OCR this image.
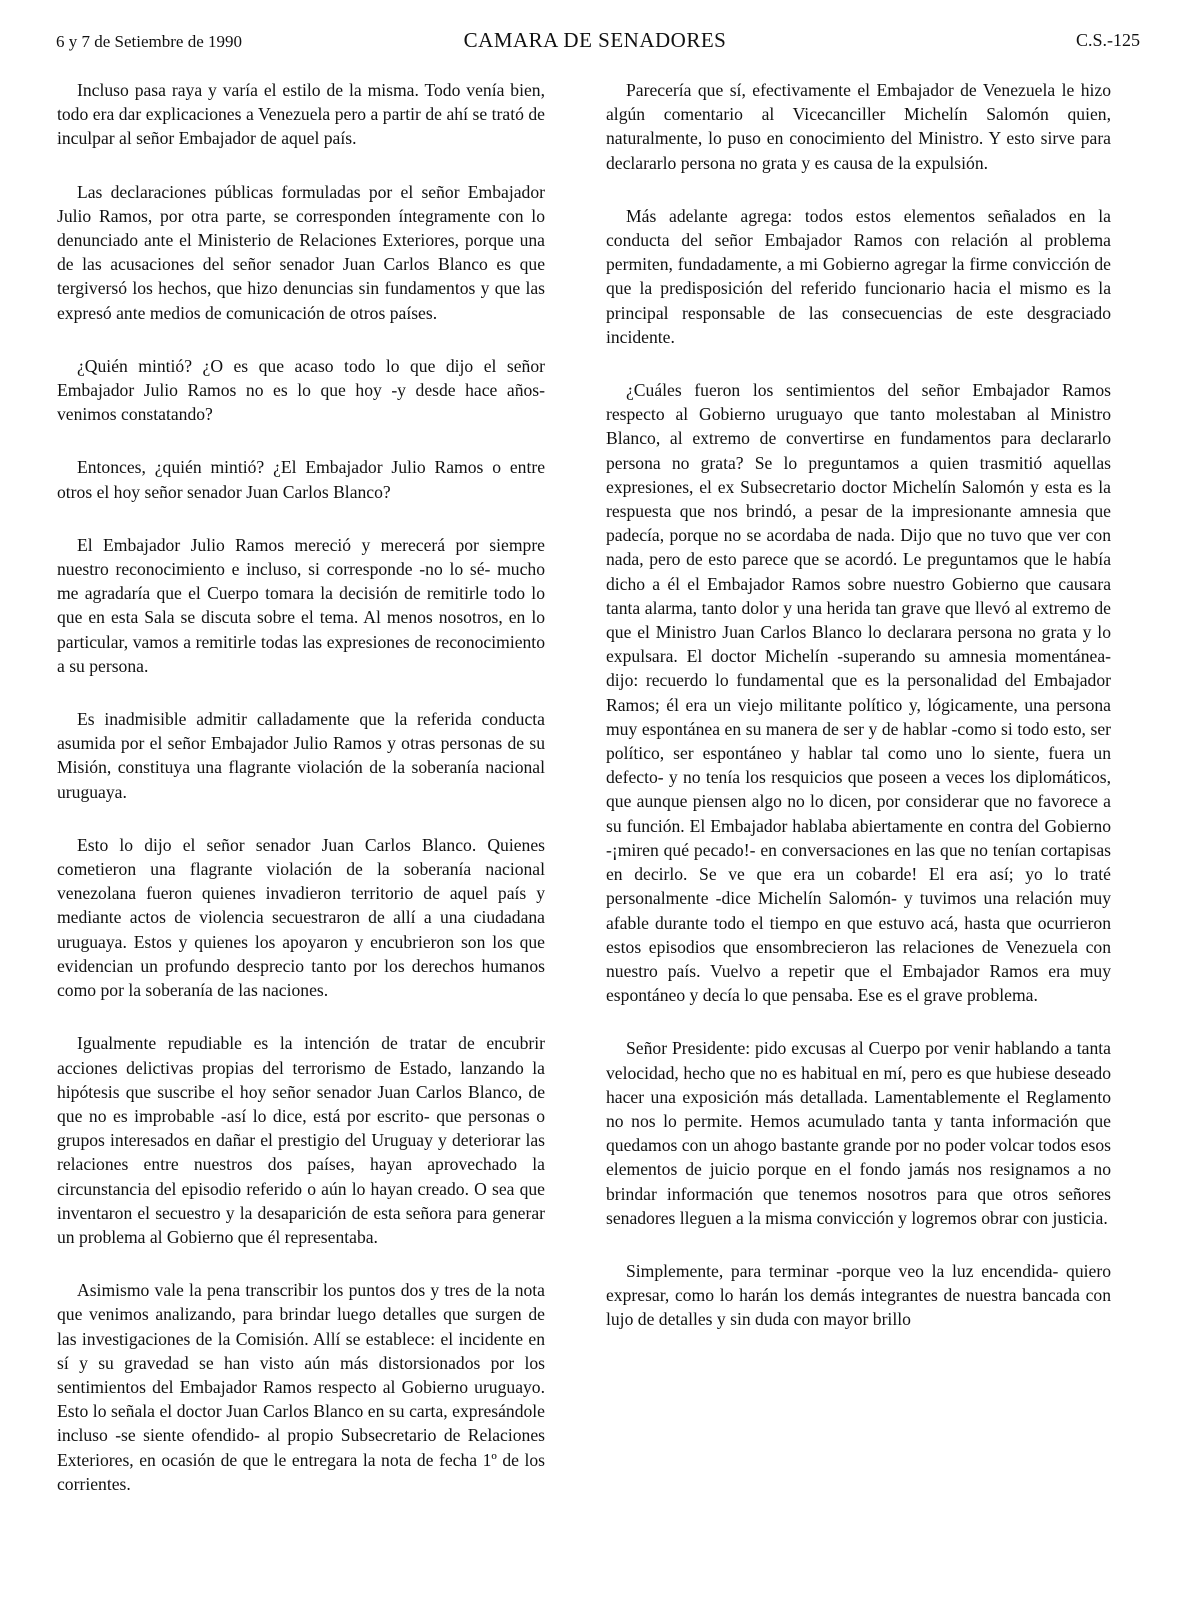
6 y 7 de Setiembre de 1990	CAMARA DE SENADORES	C.S.-125

Incluso pasa raya y varía el estilo de la misma. Todo venía bien, todo era dar explicaciones a Venezuela pero a partir de ahí se trató de inculpar al señor Embajador de aquel país.

Las declaraciones públicas formuladas por el señor Embajador Julio Ramos, por otra parte, se corresponden íntegramente con lo denunciado ante el Ministerio de Relaciones Exteriores, porque una de las acusaciones del señor senador Juan Carlos Blanco es que tergiversó los hechos, que hizo denuncias sin fundamentos y que las expresó ante medios de comunicación de otros países.

¿Quién mintió? ¿O es que acaso todo lo que dijo el señor Embajador Julio Ramos no es lo que hoy -y desde hace años- venimos constatando?

Entonces, ¿quién mintió? ¿El Embajador Julio Ramos o entre otros el hoy señor senador Juan Carlos Blanco?

El Embajador Julio Ramos mereció y merecerá por siempre nuestro reconocimiento e incluso, si corresponde -no lo sé- mucho me agradaría que el Cuerpo tomara la decisión de remitirle todo lo que en esta Sala se discuta sobre el tema. Al menos nosotros, en lo particular, vamos a remitirle todas las expresiones de reconocimiento a su persona.

Es inadmisible admitir calladamente que la referida conducta asumida por el señor Embajador Julio Ramos y otras personas de su Misión, constituya una flagrante violación de la soberanía nacional uruguaya.

Esto lo dijo el señor senador Juan Carlos Blanco. Quienes cometieron una flagrante violación de la soberanía nacional venezolana fueron quienes invadieron territorio de aquel país y mediante actos de violencia secuestraron de allí a una ciudadana uruguaya. Estos y quienes los apoyaron y encubrieron son los que evidencian un profundo desprecio tanto por los derechos humanos como por la soberanía de las naciones.

Igualmente repudiable es la intención de tratar de encubrir acciones delictivas propias del terrorismo de Estado, lanzando la hipótesis que suscribe el hoy señor senador Juan Carlos Blanco, de que no es improbable -así lo dice, está por escrito- que personas o grupos interesados en dañar el prestigio del Uruguay y deteriorar las relaciones entre nuestros dos países, hayan aprovechado la circunstancia del episodio referido o aún lo hayan creado. O sea que inventaron el secuestro y la desaparición de esta señora para generar un problema al Gobierno que él representaba.

Asimismo vale la pena transcribir los puntos dos y tres de la nota que venimos analizando, para brindar luego detalles que surgen de las investigaciones de la Comisión. Allí se establece: el incidente en sí y su gravedad se han visto aún más distorsionados por los sentimientos del Embajador Ramos respecto al Gobierno uruguayo. Esto lo señala el doctor Juan Carlos Blanco en su carta, expresándole incluso -se siente ofendido- al propio Subsecretario de Relaciones Exteriores, en ocasión de que le entregara la nota de fecha 1º de los corrientes.

Parecería que sí, efectivamente el Embajador de Venezuela le hizo algún comentario al Vicecanciller Michelín Salomón quien, naturalmente, lo puso en conocimiento del Ministro. Y esto sirve para declararlo persona no grata y es causa de la expulsión.

Más adelante agrega: todos estos elementos señalados en la conducta del señor Embajador Ramos con relación al problema permiten, fundadamente, a mi Gobierno agregar la firme convicción de que la predisposición del referido funcionario hacia el mismo es la principal responsable de las consecuencias de este desgraciado incidente.

¿Cuáles fueron los sentimientos del señor Embajador Ramos respecto al Gobierno uruguayo que tanto molestaban al Ministro Blanco, al extremo de convertirse en fundamentos para declararlo persona no grata? Se lo preguntamos a quien trasmitió aquellas expresiones, el ex Subsecretario doctor Michelín Salomón y esta es la respuesta que nos brindó, a pesar de la impresionante amnesia que padecía, porque no se acordaba de nada. Dijo que no tuvo que ver con nada, pero de esto parece que se acordó. Le preguntamos que le había dicho a él el Embajador Ramos sobre nuestro Gobierno que causara tanta alarma, tanto dolor y una herida tan grave que llevó al extremo de que el Ministro Juan Carlos Blanco lo declarara persona no grata y lo expulsara. El doctor Michelín -superando su amnesia momentánea- dijo: recuerdo lo fundamental que es la personalidad del Embajador Ramos; él era un viejo militante político y, lógicamente, una persona muy espontánea en su manera de ser y de hablar -como si todo esto, ser político, ser espontáneo y hablar tal como uno lo siente, fuera un defecto- y no tenía los resquicios que poseen a veces los diplomáticos, que aunque piensen algo no lo dicen, por considerar que no favorece a su función. El Embajador hablaba abiertamente en contra del Gobierno -¡miren qué pecado!- en conversaciones en las que no tenían cortapisas en decirlo. Se ve que era un cobarde! El era así; yo lo traté personalmente -dice Michelín Salomón- y tuvimos una relación muy afable durante todo el tiempo en que estuvo acá, hasta que ocurrieron estos episodios que ensombrecieron las relaciones de Venezuela con nuestro país. Vuelvo a repetir que el Embajador Ramos era muy espontáneo y decía lo que pensaba. Ese es el grave problema.

Señor Presidente: pido excusas al Cuerpo por venir hablando a tanta velocidad, hecho que no es habitual en mí, pero es que hubiese deseado hacer una exposición más detallada. Lamentablemente el Reglamento no nos lo permite. Hemos acumulado tanta y tanta información que quedamos con un ahogo bastante grande por no poder volcar todos esos elementos de juicio porque en el fondo jamás nos resignamos a no brindar información que tenemos nosotros para que otros señores senadores lleguen a la misma convicción y logremos obrar con justicia.

Simplemente, para terminar -porque veo la luz encendida- quiero expresar, como lo harán los demás integrantes de nuestra bancada con lujo de detalles y sin duda con mayor brillo
